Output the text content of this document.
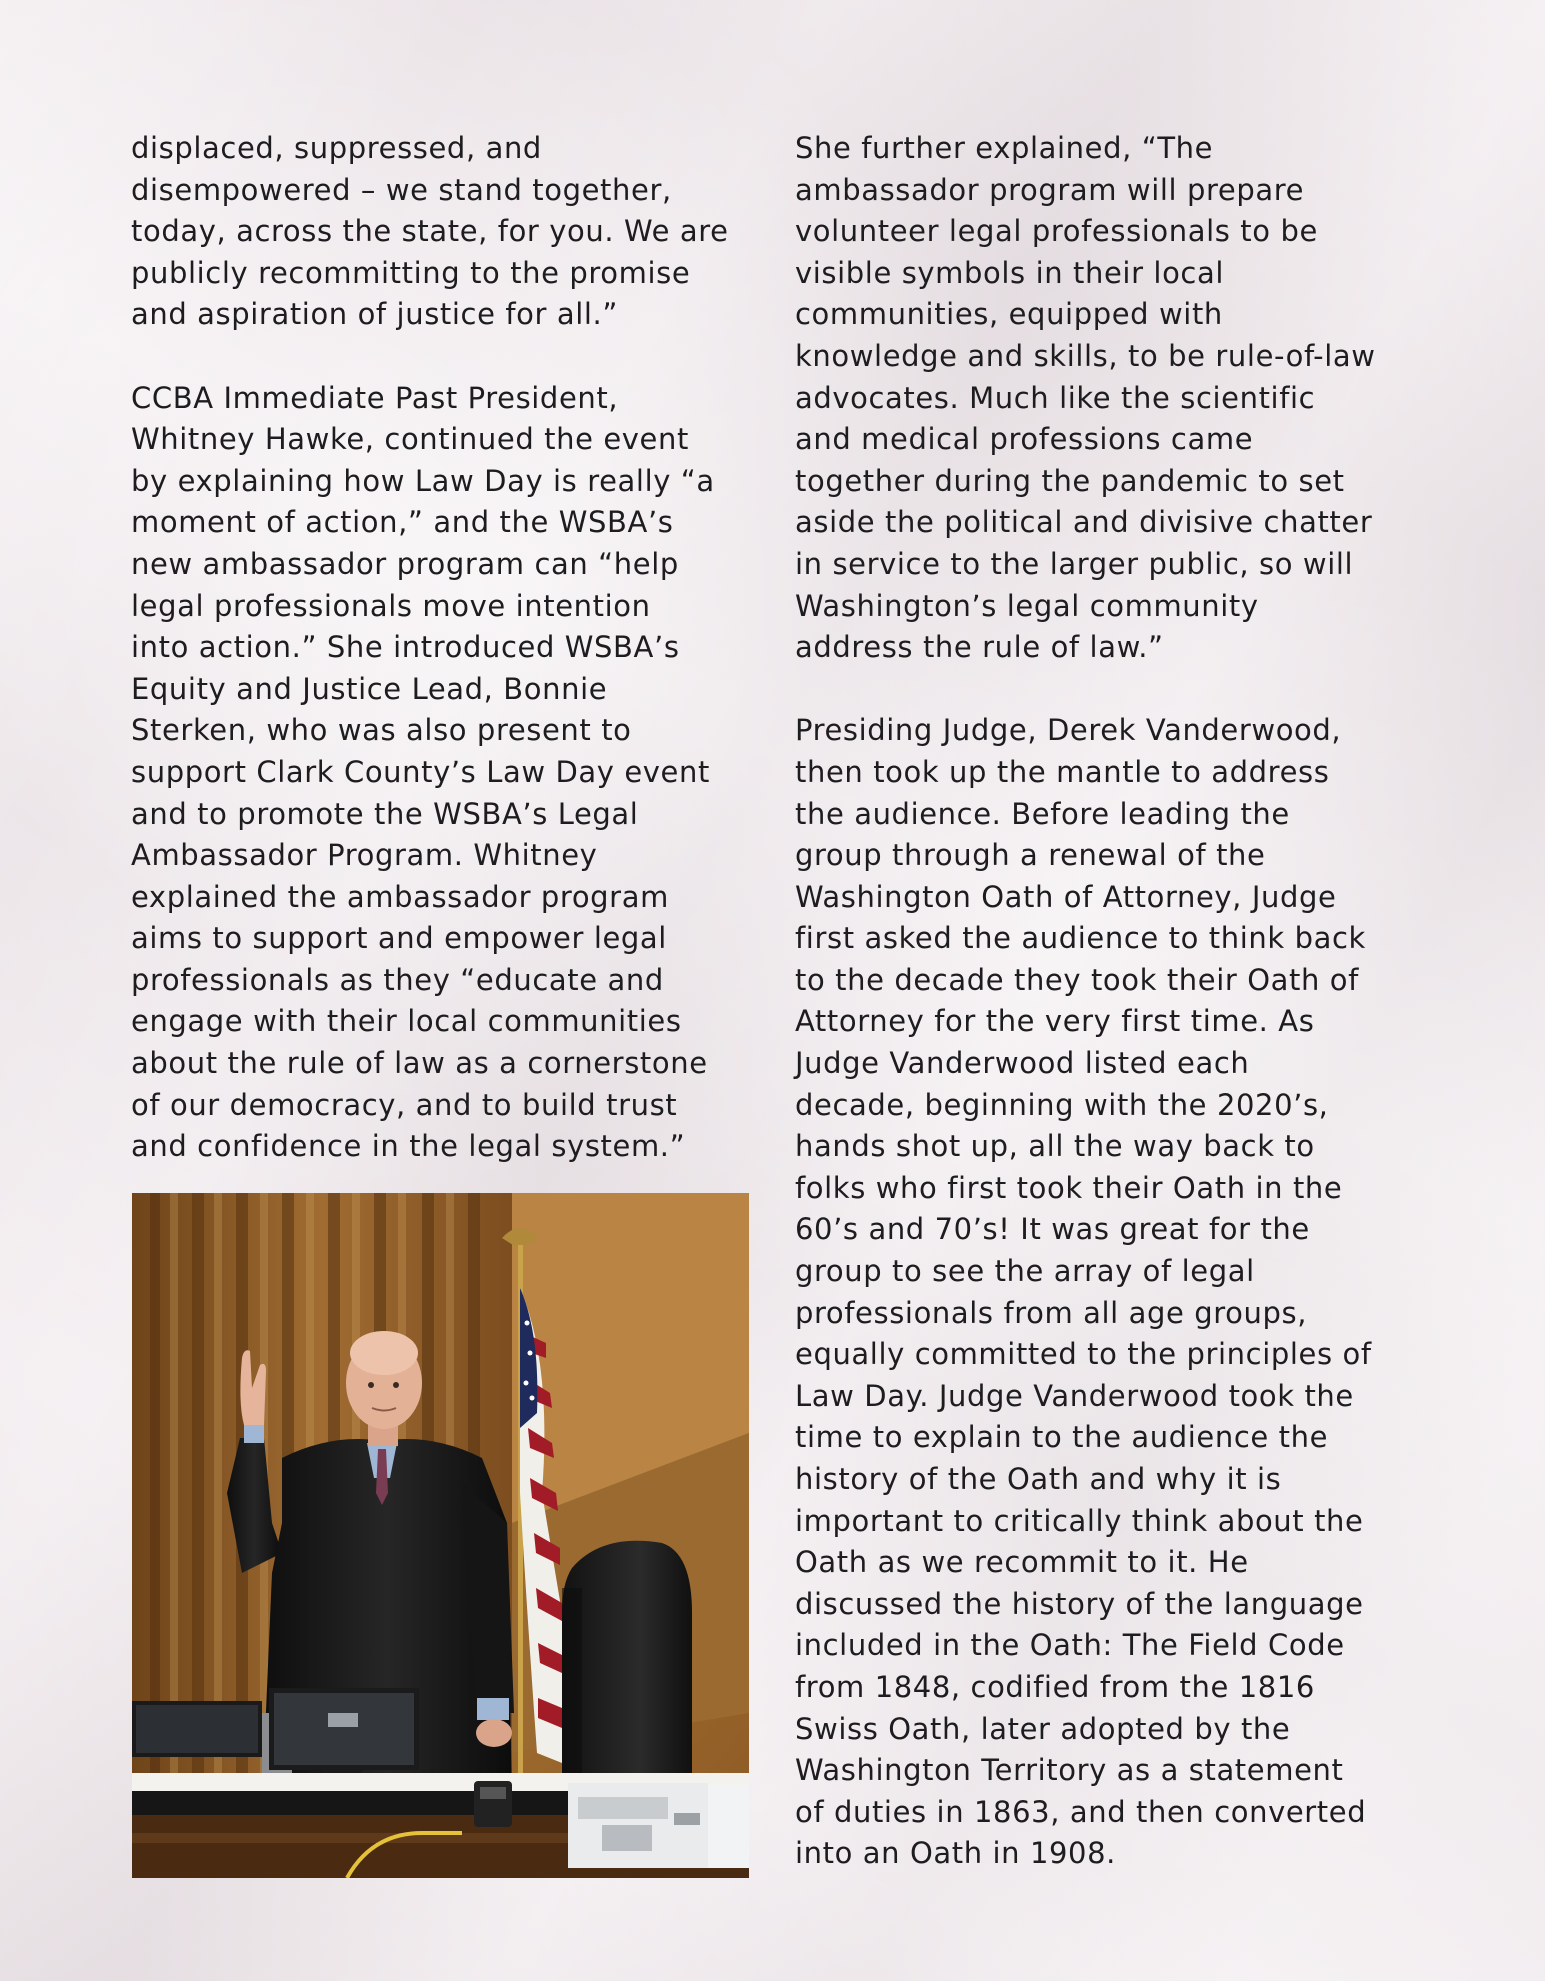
displaced, suppressed, and
disempowered – we stand together,
today, across the state, for you. We are
publicly recommitting to the promise
and aspiration of justice for all.”

CCBA Immediate Past President,
Whitney Hawke, continued the event
by explaining how Law Day is really “a
moment of action,” and the WSBA’s
new ambassador program can “help
legal professionals move intention
into action.” She introduced WSBA’s
Equity and Justice Lead, Bonnie
Sterken, who was also present to
support Clark County’s Law Day event
and to promote the WSBA’s Legal
Ambassador Program. Whitney
explained the ambassador program
aims to support and empower legal
professionals as they “educate and
engage with their local communities
about the rule of law as a cornerstone
of our democracy, and to build trust
and confidence in the legal system.”

She further explained, “The
ambassador program will prepare
volunteer legal professionals to be
visible symbols in their local
communities, equipped with
knowledge and skills, to be rule-of-law
advocates. Much like the scientific
and medical professions came
together during the pandemic to set
aside the political and divisive chatter
in service to the larger public, so will
Washington’s legal community
address the rule of law.”

Presiding Judge, Derek Vanderwood,
then took up the mantle to address
the audience. Before leading the
group through a renewal of the
Washington Oath of Attorney, Judge
first asked the audience to think back
to the decade they took their Oath of
Attorney for the very first time. As
Judge Vanderwood listed each
decade, beginning with the 2020’s,
hands shot up, all the way back to
folks who first took their Oath in the
60’s and 70’s! It was great for the
group to see the array of legal
professionals from all age groups,
equally committed to the principles of
Law Day. Judge Vanderwood took the
time to explain to the audience the
history of the Oath and why it is
important to critically think about the
Oath as we recommit to it. He
discussed the history of the language
included in the Oath: The Field Code
from 1848, codified from the 1816
Swiss Oath, later adopted by the
Washington Territory as a statement
of duties in 1863, and then converted
into an Oath in 1908.
